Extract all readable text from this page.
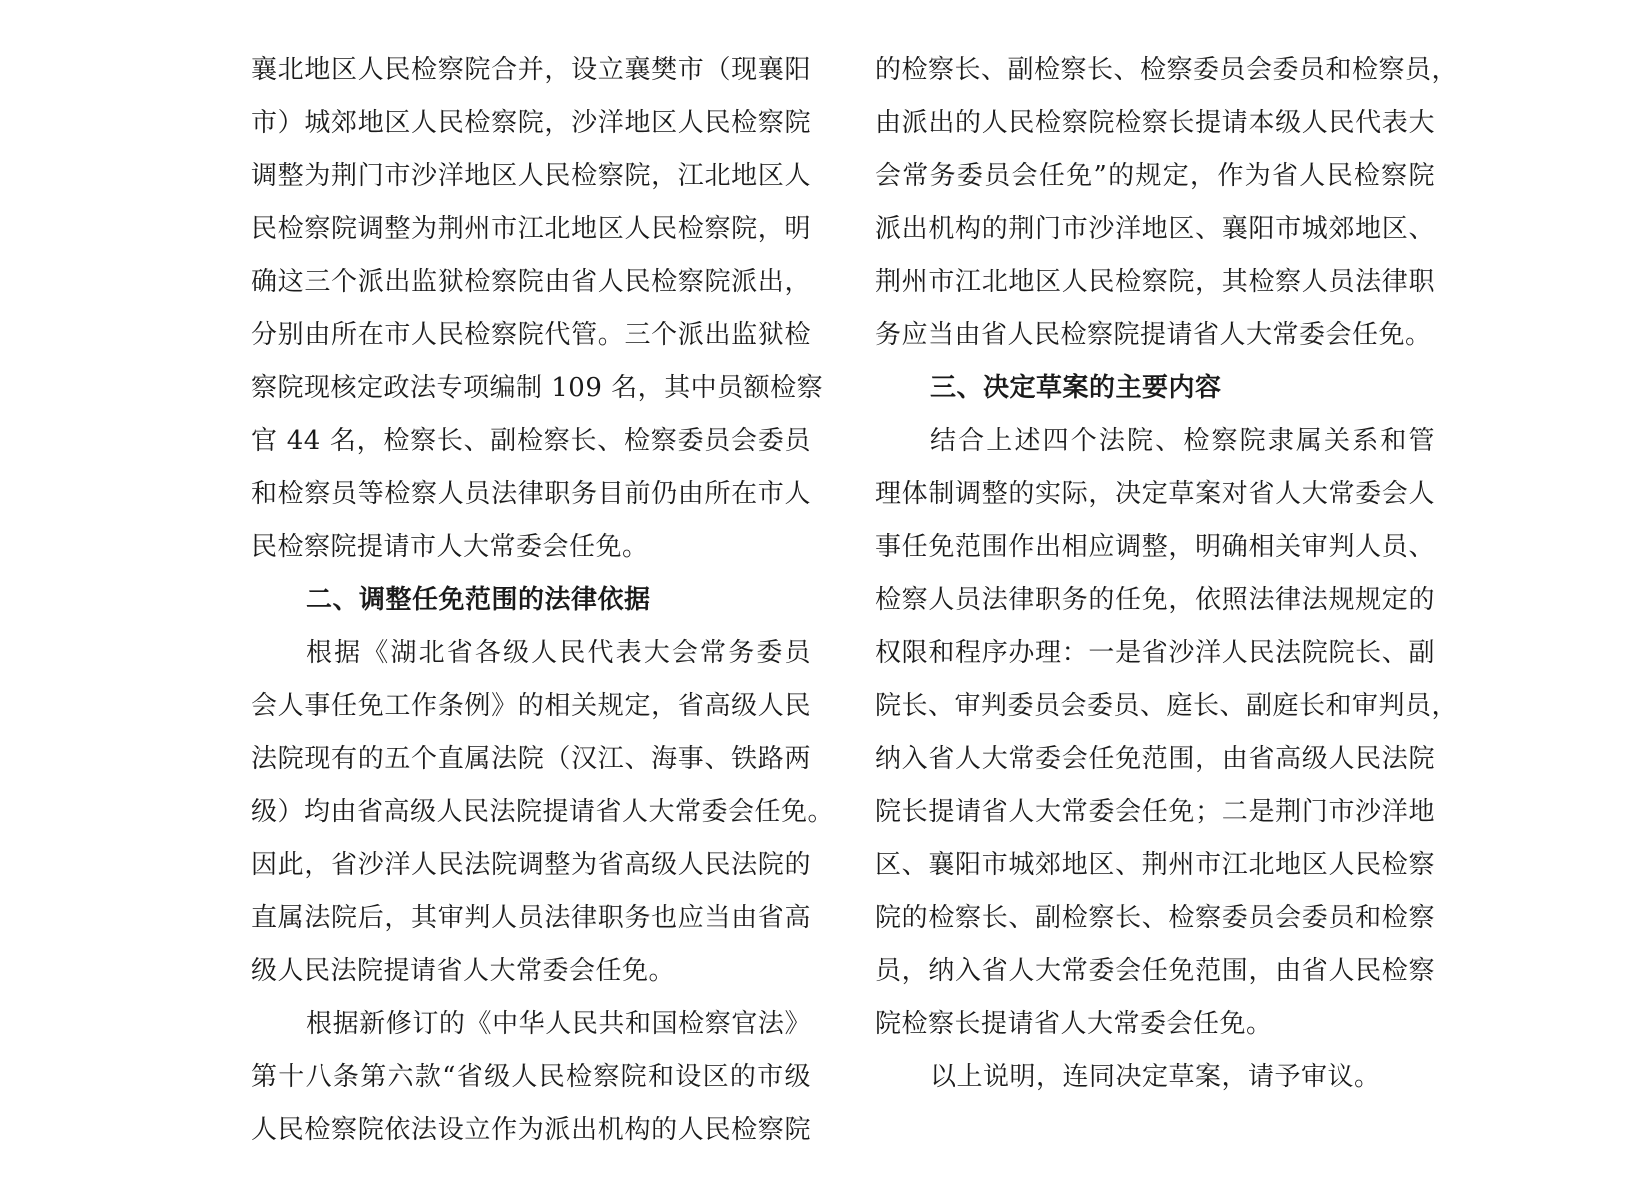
襄北地区人民检察院合并，设立襄樊市（现襄阳
市）城郊地区人民检察院，沙洋地区人民检察院
调整为荆门市沙洋地区人民检察院，江北地区人
民检察院调整为荆州市江北地区人民检察院，明
确这三个派出监狱检察院由省人民检察院派出，
分别由所在市人民检察院代管。三个派出监狱检
察院现核定政法专项编制 109 名，其中员额检察
官 44 名，检察长、副检察长、检察委员会委员
和检察员等检察人员法律职务目前仍由所在市人
民检察院提请市人大常委会任免。
二、调整任免范围的法律依据
根据《湖北省各级人民代表大会常务委员
会人事任免工作条例》的相关规定，省高级人民
法院现有的五个直属法院（汉江、海事、铁路两
级）均由省高级人民法院提请省人大常委会任免。
因此，省沙洋人民法院调整为省高级人民法院的
直属法院后，其审判人员法律职务也应当由省高
级人民法院提请省人大常委会任免。
根据新修订的《中华人民共和国检察官法》
第十八条第六款“省级人民检察院和设区的市级
人民检察院依法设立作为派出机构的人民检察院
的检察长、副检察长、检察委员会委员和检察员，
由派出的人民检察院检察长提请本级人民代表大
会常务委员会任免”的规定，作为省人民检察院
派出机构的荆门市沙洋地区、襄阳市城郊地区、
荆州市江北地区人民检察院，其检察人员法律职
务应当由省人民检察院提请省人大常委会任免。
三、决定草案的主要内容
结合上述四个法院、检察院隶属关系和管
理体制调整的实际，决定草案对省人大常委会人
事任免范围作出相应调整，明确相关审判人员、
检察人员法律职务的任免，依照法律法规规定的
权限和程序办理：一是省沙洋人民法院院长、副
院长、审判委员会委员、庭长、副庭长和审判员，
纳入省人大常委会任免范围，由省高级人民法院
院长提请省人大常委会任免；二是荆门市沙洋地
区、襄阳市城郊地区、荆州市江北地区人民检察
院的检察长、副检察长、检察委员会委员和检察
员，纳入省人大常委会任免范围，由省人民检察
院检察长提请省人大常委会任免。
以上说明，连同决定草案，请予审议。
